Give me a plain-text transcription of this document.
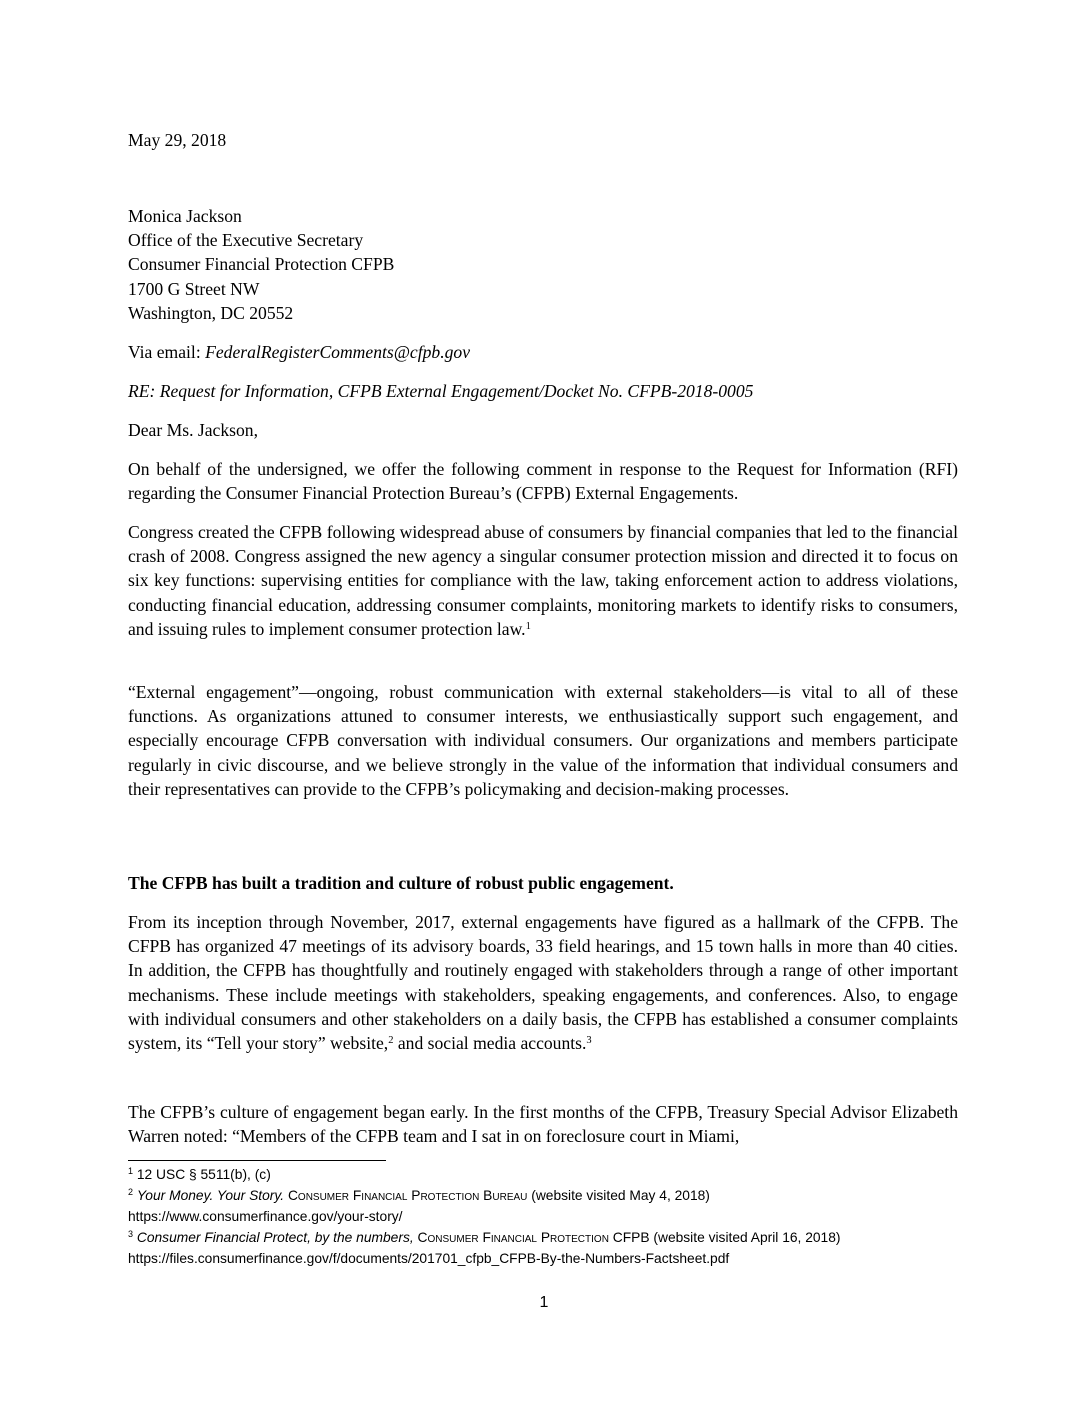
May 29, 2018

Monica Jackson
Office of the Executive Secretary
Consumer Financial Protection CFPB
1700 G Street NW
Washington, DC 20552

Via email: FederalRegisterComments@cfpb.gov

RE: Request for Information, CFPB External Engagement/Docket No. CFPB-2018-0005

Dear Ms. Jackson,

On behalf of the undersigned, we offer the following comment in response to the Request for Information (RFI) regarding the Consumer Financial Protection Bureau’s (CFPB) External Engagements.

Congress created the CFPB following widespread abuse of consumers by financial companies that led to the financial crash of 2008. Congress assigned the new agency a singular consumer protection mission and directed it to focus on six key functions: supervising entities for compliance with the law, taking enforcement action to address violations, conducting financial education, addressing consumer complaints, monitoring markets to identify risks to consumers, and issuing rules to implement consumer protection law.$^1$

“External engagement”—ongoing, robust communication with external stakeholders—is vital to all of these functions. As organizations attuned to consumer interests, we enthusiastically support such engagement, and especially encourage CFPB conversation with individual consumers. Our organizations and members participate regularly in civic discourse, and we believe strongly in the value of the information that individual consumers and their representatives can provide to the CFPB’s policymaking and decision-making processes.

The CFPB has built a tradition and culture of robust public engagement.

From its inception through November, 2017, external engagements have figured as a hallmark of the CFPB. The CFPB has organized 47 meetings of its advisory boards, 33 field hearings, and 15 town halls in more than 40 cities. In addition, the CFPB has thoughtfully and routinely engaged with stakeholders through a range of other important mechanisms. These include meetings with stakeholders, speaking engagements, and conferences. Also, to engage with individual consumers and other stakeholders on a daily basis, the CFPB has established a consumer complaints system, its “Tell your story” website,$^2$ and social media accounts.$^3$

The CFPB’s culture of engagement began early. In the first months of the CFPB, Treasury Special Advisor Elizabeth Warren noted: “Members of the CFPB team and I sat in on foreclosure court in Miami,

$^1$ 12 USC § 5511(b), (c)
$^2$ Your Money. Your Story. Consumer Financial Protection Bureau (website visited May 4, 2018)
https://www.consumerfinance.gov/your-story/
$^3$ Consumer Financial Protect, by the numbers, Consumer Financial Protection CFPB (website visited April 16, 2018)
https://files.consumerfinance.gov/f/documents/201701_cfpb_CFPB-By-the-Numbers-Factsheet.pdf
1
